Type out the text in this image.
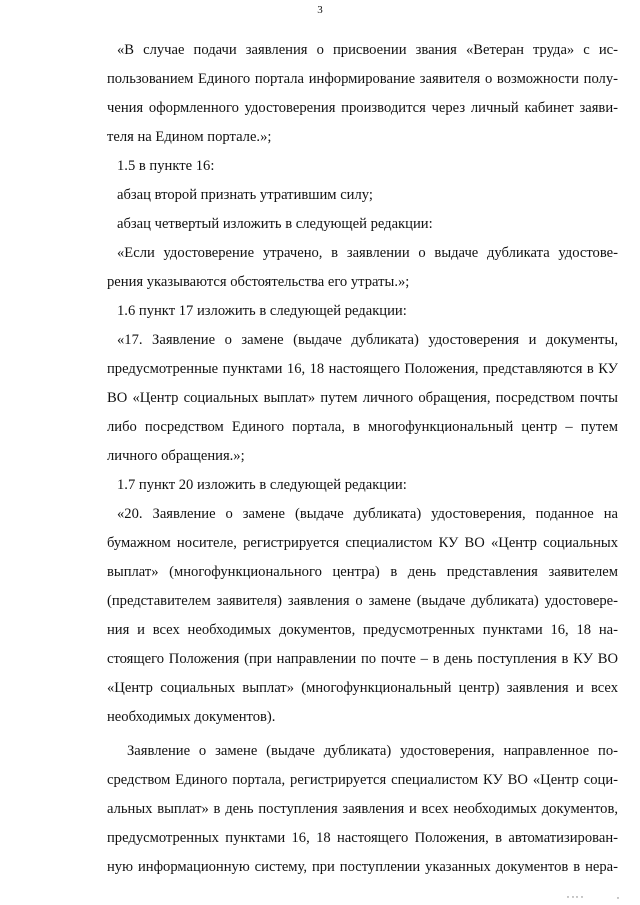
3
«В случае подачи заявления о присвоении звания «Ветеран труда» с ис-
пользованием Единого портала информирование заявителя о возможности полу-
чения оформленного удостоверения производится через личный кабинет заяви-
теля на Едином портале.»;
1.5 в пункте 16:
абзац второй признать утратившим силу;
абзац четвертый изложить в следующей редакции:
«Если удостоверение утрачено, в заявлении о выдаче дубликата удостове-
рения указываются обстоятельства его утраты.»;
1.6 пункт 17 изложить в следующей редакции:
«17. Заявление о замене (выдаче дубликата) удостоверения и документы,
предусмотренные пунктами 16, 18 настоящего Положения, представляются в КУ
ВО «Центр социальных выплат» путем личного обращения, посредством почты
либо посредством Единого портала, в многофункциональный центр – путем
личного обращения.»;
1.7 пункт 20 изложить в следующей редакции:
«20. Заявление о замене (выдаче дубликата) удостоверения, поданное на
бумажном носителе, регистрируется специалистом КУ ВО «Центр социальных
выплат» (многофункционального центра) в день представления заявителем
(представителем заявителя) заявления о замене (выдаче дубликата) удостовере-
ния и всех необходимых документов, предусмотренных пунктами 16, 18 на-
стоящего Положения (при направлении по почте – в день поступления в КУ ВО
«Центр социальных выплат» (многофункциональный центр) заявления и всех
необходимых документов).
Заявление о замене (выдаче дубликата) удостоверения, направленное по-
средством Единого портала, регистрируется специалистом КУ ВО «Центр соци-
альных выплат» в день поступления заявления и всех необходимых документов,
предусмотренных пунктами 16, 18 настоящего Положения, в автоматизирован-
ную информационную систему, при поступлении указанных документов в нера-
